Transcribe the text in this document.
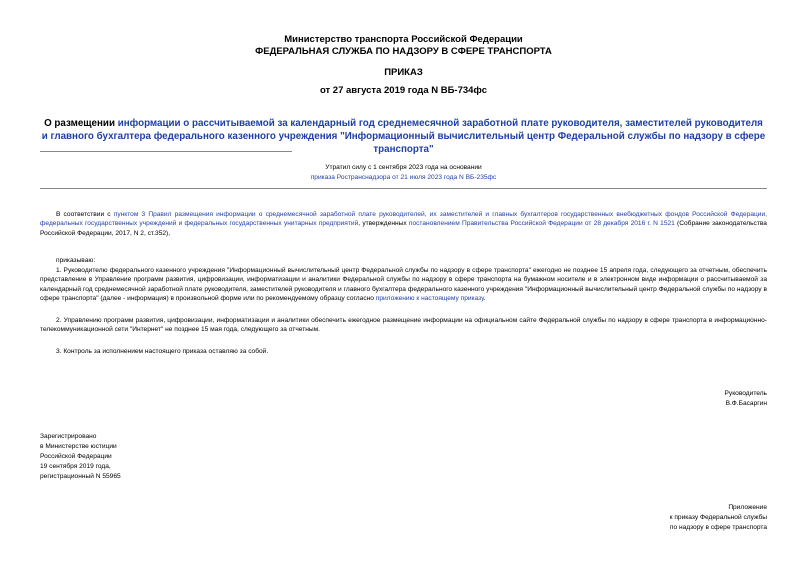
Министерство транспорта Российской Федерации
ФЕДЕРАЛЬНАЯ СЛУЖБА ПО НАДЗОРУ В СФЕРЕ ТРАНСПОРТА
ПРИКАЗ
от 27 августа 2019 года N ВБ-734фс
О размещении информации о рассчитываемой за календарный год среднемесячной заработной плате руководителя, заместителей руководителя и главного бухгалтера федерального казенного учреждения "Информационный вычислительный центр Федеральной службы по надзору в сфере транспорта"
Утратил силу с 1 сентября 2023 года на основании
приказа Ространснадзора от 21 июля 2023 года N ВБ-235фс
В соответствии с пунктом 3 Правил размещения информации о среднемесячной заработной плате руководителей, их заместителей и главных бухгалтеров государственных внебюджетных фондов Российской Федерации, федеральных государственных учреждений и федеральных государственных унитарных предприятий, утвержденных постановлением Правительства Российской Федерации от 28 декабря 2016 г. N 1521 (Собрание законодательства Российской Федерации, 2017, N 2, ст.352),
приказываю:
1. Руководителю федерального казенного учреждения "Информационный вычислительный центр Федеральной службы по надзору в сфере транспорта" ежегодно не позднее 15 апреля года, следующего за отчетным, обеспечить представление в Управление программ развития, цифровизации, информатизации и аналитики Федеральной службы по надзору в сфере транспорта на бумажном носителе и в электронном виде информации о рассчитываемой за календарный год среднемесячной заработной плате руководителя, заместителей руководителя и главного бухгалтера федерального казенного учреждения "Информационный вычислительный центр Федеральной службы по надзору в сфере транспорта" (далее - информация) в произвольной форме или по рекомендуемому образцу согласно приложению к настоящему приказу.
2. Управлению программ развития, цифровизации, информатизации и аналитики обеспечить ежегодное размещение информации на официальном сайте Федеральной службы по надзору в сфере транспорта в информационно-телекоммуникационной сети "Интернет" не позднее 15 мая года, следующего за отчетным.
3. Контроль за исполнением настоящего приказа оставляю за собой.
Руководитель
В.Ф.Басаргин
Зарегистрировано
в Министерстве юстиции
Российской Федерации
19 сентября 2019 года,
регистрационный N 55965
Приложение
к приказу Федеральной службы
по надзору в сфере транспорта
